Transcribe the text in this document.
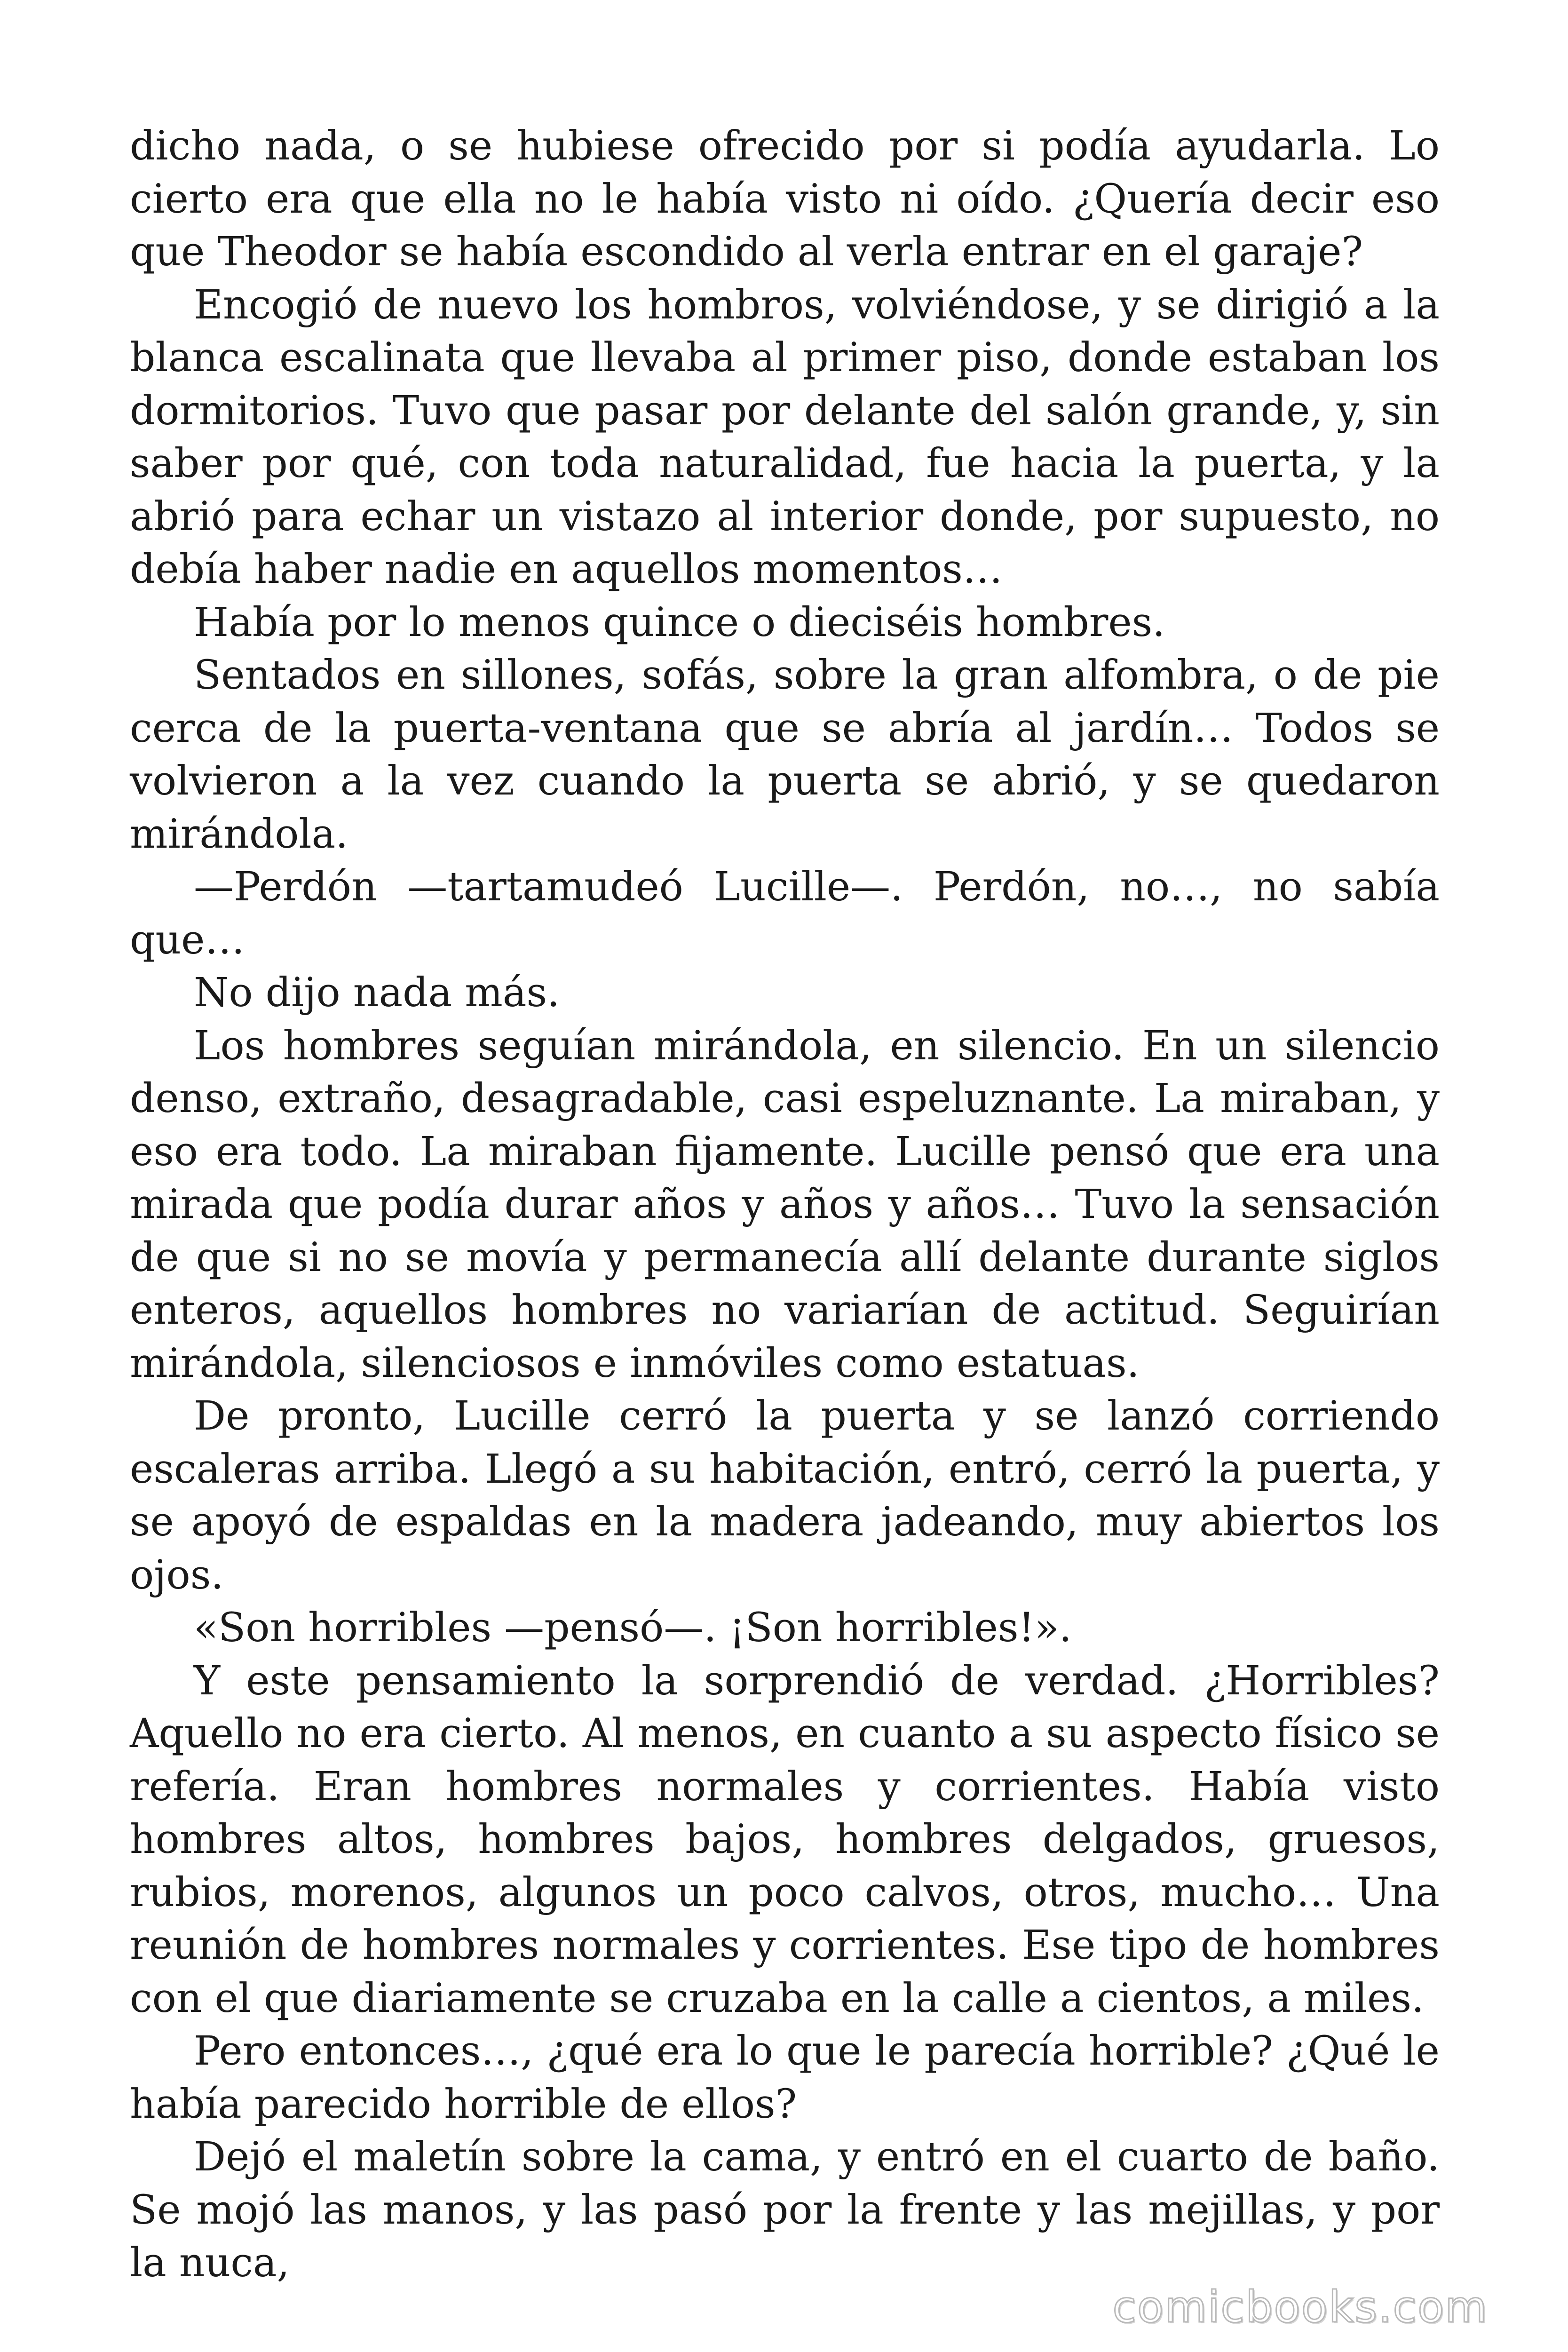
dicho nada, o se hubiese ofrecido por si podía ayudarla. Lo cierto era que ella no le había visto ni oído. ¿Quería decir eso que Theodor se había escondido al verla entrar en el garaje?

Encogió de nuevo los hombros, volviéndose, y se dirigió a la blanca escalinata que llevaba al primer piso, donde estaban los dormitorios. Tuvo que pasar por delante del salón grande, y, sin saber por qué, con toda naturalidad, fue hacia la puerta, y la abrió para echar un vistazo al interior donde, por supuesto, no debía haber nadie en aquellos momentos…

Había por lo menos quince o dieciséis hombres.

Sentados en sillones, sofás, sobre la gran alfombra, o de pie cerca de la puerta-ventana que se abría al jardín… Todos se volvieron a la vez cuando la puerta se abrió, y se quedaron mirándola.

—Perdón —tartamudeó Lucille—. Perdón, no…, no sabía que…

No dijo nada más.

Los hombres seguían mirándola, en silencio. En un silencio denso, extraño, desagradable, casi espeluznante. La miraban, y eso era todo. La miraban fijamente. Lucille pensó que era una mirada que podía durar años y años y años… Tuvo la sensación de que si no se movía y permanecía allí delante durante siglos enteros, aquellos hombres no variarían de actitud. Seguirían mirándola, silenciosos e inmóviles como estatuas.

De pronto, Lucille cerró la puerta y se lanzó corriendo escaleras arriba. Llegó a su habitación, entró, cerró la puerta, y se apoyó de espaldas en la madera jadeando, muy abiertos los ojos.

«Son horribles —pensó—. ¡Son horribles!».

Y este pensamiento la sorprendió de verdad. ¿Horribles? Aquello no era cierto. Al menos, en cuanto a su aspecto físico se refería. Eran hombres normales y corrientes. Había visto hombres altos, hombres bajos, hombres delgados, gruesos, rubios, morenos, algunos un poco calvos, otros, mucho… Una reunión de hombres normales y corrientes. Ese tipo de hombres con el que diariamente se cruzaba en la calle a cientos, a miles.

Pero entonces…, ¿qué era lo que le parecía horrible? ¿Qué le había parecido horrible de ellos?

Dejó el maletín sobre la cama, y entró en el cuarto de baño. Se mojó las manos, y las pasó por la frente y las mejillas, y por la nuca,

comicbooks.com
